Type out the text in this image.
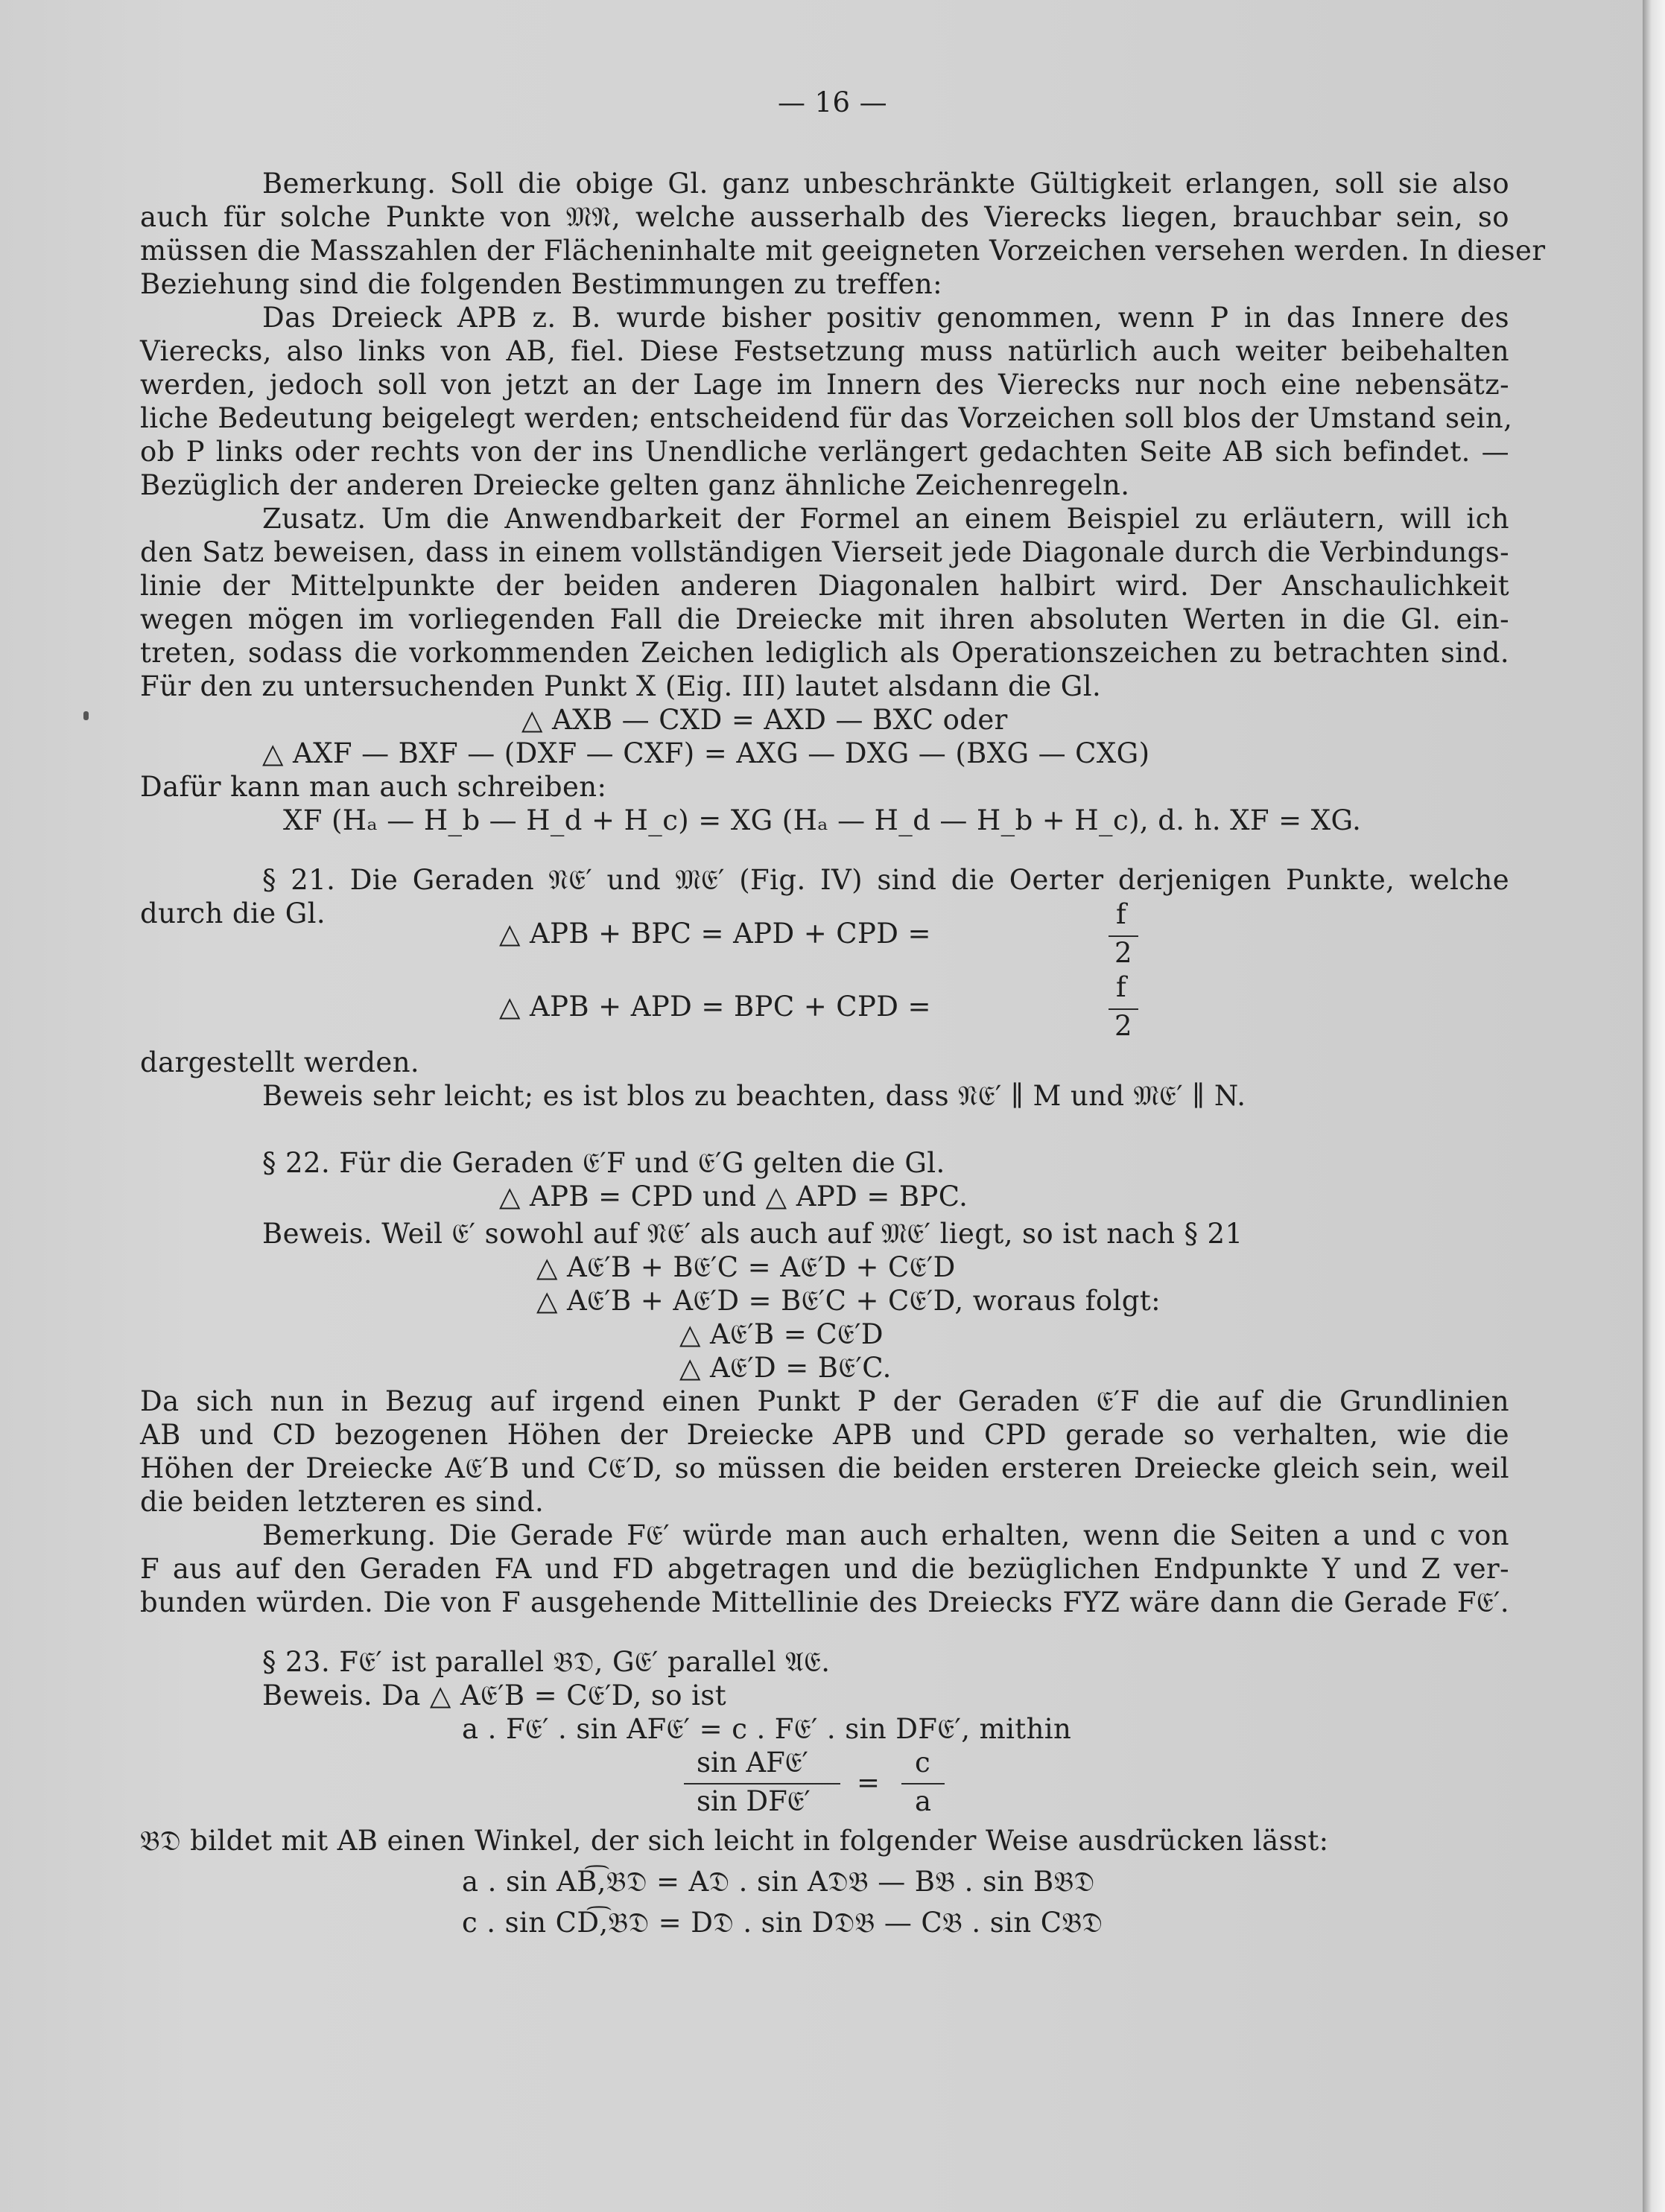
— 16 —
Bemerkung. Soll die obige Gl. ganz unbeschränkte Gültigkeit erlangen, soll sie also
auch für solche Punkte von 𝔐𝔑, welche ausserhalb des Vierecks liegen, brauchbar sein, so
müssen die Masszahlen der Flächeninhalte mit geeigneten Vorzeichen versehen werden. In dieser
Beziehung sind die folgenden Bestimmungen zu treffen:
Das Dreieck APB z. B. wurde bisher positiv genommen, wenn P in das Innere des
Vierecks, also links von AB, fiel. Diese Festsetzung muss natürlich auch weiter beibehalten
werden, jedoch soll von jetzt an der Lage im Innern des Vierecks nur noch eine nebensätz-
liche Bedeutung beigelegt werden; entscheidend für das Vorzeichen soll blos der Umstand sein,
ob P links oder rechts von der ins Unendliche verlängert gedachten Seite AB sich befindet. —
Bezüglich der anderen Dreiecke gelten ganz ähnliche Zeichenregeln.
Zusatz. Um die Anwendbarkeit der Formel an einem Beispiel zu erläutern, will ich
den Satz beweisen, dass in einem vollständigen Vierseit jede Diagonale durch die Verbindungs-
linie der Mittelpunkte der beiden anderen Diagonalen halbirt wird. Der Anschaulichkeit
wegen mögen im vorliegenden Fall die Dreiecke mit ihren absoluten Werten in die Gl. ein-
treten, sodass die vorkommenden Zeichen lediglich als Operationszeichen zu betrachten sind.
Für den zu untersuchenden Punkt X (Eig. III) lautet alsdann die Gl.
△ AXB — CXD = AXD — BXC oder
△ AXF — BXF — (DXF — CXF) = AXG — DXG — (BXG — CXG)
Dafür kann man auch schreiben:
XF (Hₐ — H_b — H_d + H_c) = XG (Hₐ — H_d — H_b + H_c), d. h. XF = XG.
§ 21. Die Geraden 𝔑𝔈′ und 𝔐𝔈′ (Fig. IV) sind die Oerter derjenigen Punkte, welche
durch die Gl.
△ APB + BPC = APD + CPD =
f
2
△ APB + APD = BPC + CPD =
f
2
dargestellt werden.
Beweis sehr leicht; es ist blos zu beachten, dass 𝔑𝔈′ ∥ M und 𝔐𝔈′ ∥ N.
§ 22. Für die Geraden 𝔈′F und 𝔈′G gelten die Gl.
△ APB = CPD und △ APD = BPC.
Beweis. Weil 𝔈′ sowohl auf 𝔑𝔈′ als auch auf 𝔐𝔈′ liegt, so ist nach § 21
△ A𝔈′B + B𝔈′C = A𝔈′D + C𝔈′D
△ A𝔈′B + A𝔈′D = B𝔈′C + C𝔈′D, woraus folgt:
△ A𝔈′B = C𝔈′D
△ A𝔈′D = B𝔈′C.
Da sich nun in Bezug auf irgend einen Punkt P der Geraden 𝔈′F die auf die Grundlinien
AB und CD bezogenen Höhen der Dreiecke APB und CPD gerade so verhalten, wie die
Höhen der Dreiecke A𝔈′B und C𝔈′D, so müssen die beiden ersteren Dreiecke gleich sein, weil
die beiden letzteren es sind.
Bemerkung. Die Gerade F𝔈′ würde man auch erhalten, wenn die Seiten a und c von
F aus auf den Geraden FA und FD abgetragen und die bezüglichen Endpunkte Y und Z ver-
bunden würden. Die von F ausgehende Mittellinie des Dreiecks FYZ wäre dann die Gerade F𝔈′.
§ 23. F𝔈′ ist parallel 𝔅𝔇, G𝔈′ parallel 𝔄𝔈.
Beweis. Da △ A𝔈′B = C𝔈′D, so ist
a . F𝔈′ . sin AF𝔈′ = c . F𝔈′ . sin DF𝔈′, mithin
sin AF𝔈′
sin DF𝔈′
=
c
a
𝔅𝔇 bildet mit AB einen Winkel, der sich leicht in folgender Weise ausdrücken lässt:
a . sin AB͡,𝔅𝔇 = A𝔇 . sin A𝔇𝔅 — B𝔅 . sin B𝔅𝔇
c . sin CD͡,𝔅𝔇 = D𝔇 . sin D𝔇𝔅 — C𝔅 . sin C𝔅𝔇
